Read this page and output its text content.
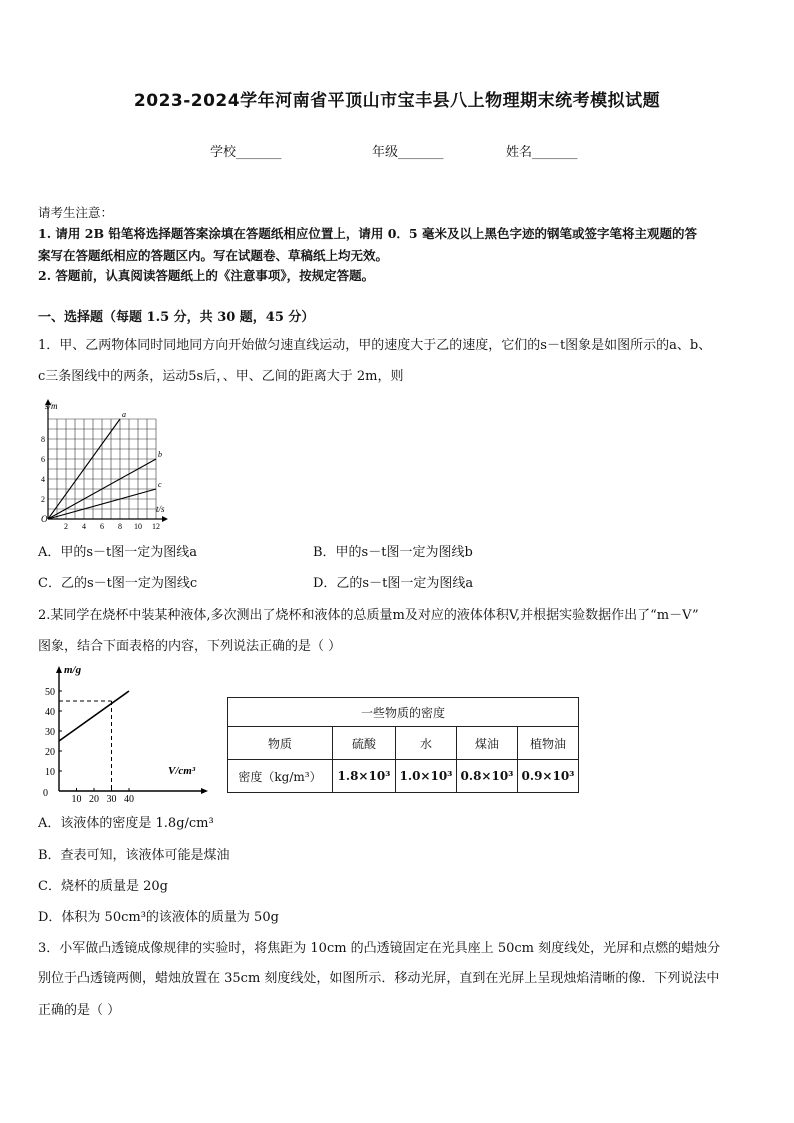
2023-2024学年河南省平顶山市宝丰县八上物理期末统考模拟试题
学校_______	年级_______	姓名_______
请考生注意：
1. 请用 2B 铅笔将选择题答案涂填在答题纸相应位置上，请用 0．5 毫米及以上黑色字迹的钢笔或签字笔将主观题的答
案写在答题纸相应的答题区内。写在试题卷、草稿纸上均无效。
2. 答题前，认真阅读答题纸上的《注意事项》，按规定答题。
一、选择题（每题 1.5 分，共 30 题，45 分）
1．甲、乙两物体同时同地同方向开始做匀速直线运动，甲的速度大于乙的速度，它们的s－t图象是如图所示的a、b、
c三条图线中的两条，运动5s后，、甲、乙间的距离大于 2m，则
2 4 6 8 10 12
2
4
6
8
a
b
c
s/m
t/s
O
A．甲的s－t图一定为图线a	B．甲的s－t图一定为图线b
C．乙的s－t图一定为图线c	D．乙的s－t图一定为图线a
2.某同学在烧杯中装某种液体,多次测出了烧杯和液体的总质量m及对应的液体体积V,并根据实验数据作出了“m－V”
图象，结合下面表格的内容，下列说法正确的是（ ）
10 20 30 40
10
20
30
40
50
m/g
V/cm³
0
一些物质的密度				
物质	硫酸	水	煤油	植物油
密度（kg/m³）	1.8×10³	1.0×10³	0.8×10³	0.9×10³
A．该液体的密度是 1.8g/cm³
B．查表可知，该液体可能是煤油
C．烧杯的质量是 20g
D．体积为 50cm³的该液体的质量为 50g
3．小军做凸透镜成像规律的实验时，将焦距为 10cm 的凸透镜固定在光具座上 50cm 刻度线处，光屏和点燃的蜡烛分
别位于凸透镜两侧，蜡烛放置在 35cm 刻度线处，如图所示．移动光屏，直到在光屏上呈现烛焰清晰的像．下列说法中
正确的是（ ）
